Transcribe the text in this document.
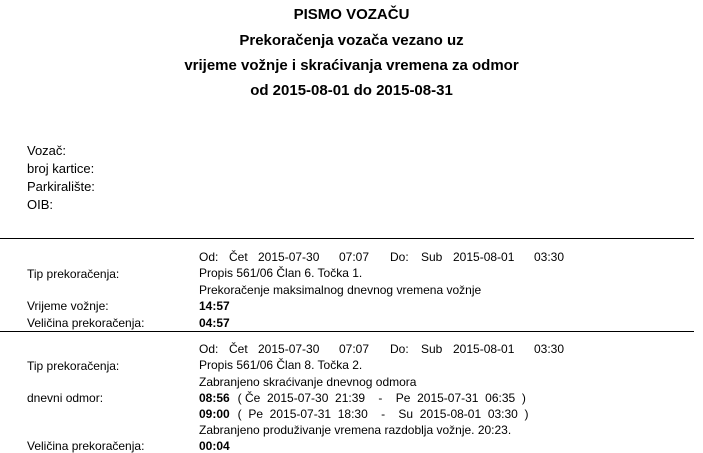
PISMO VOZAČU
Prekoračenja vozača vezano uz
vrijeme vožnje i skraćivanja vremena za odmor
od 2015-08-01 do 2015-08-31
Vozač:
broj kartice:
Parkiralište:
OIB:
Od: Čet 2015-07-30 07:07 Do: Sub 2015-08-01 03:30
Tip prekoračenja:	Propis 561/06 Član 6. Točka 1.
Prekoračenje maksimalnog dnevnog vremena vožnje
Vrijeme vožnje:	14:57
Veličina prekoračenja:	04:57
Od: Čet 2015-07-30 07:07 Do: Sub 2015-08-01 03:30
Tip prekoračenja:	Propis 561/06 Član 8. Točka 2.
Zabranjeno skraćivanje dnevnog odmora
dnevni odmor:	08:56 ( Če  2015-07-30  21:39    -    Pe  2015-07-31  06:35  )
09:00 (  Pe  2015-07-31  18:30    -    Su  2015-08-01  03:30  )
Zabranjeno produživanje vremena razdoblja vožnje. 20:23.
Veličina prekoračenja:	00:04
